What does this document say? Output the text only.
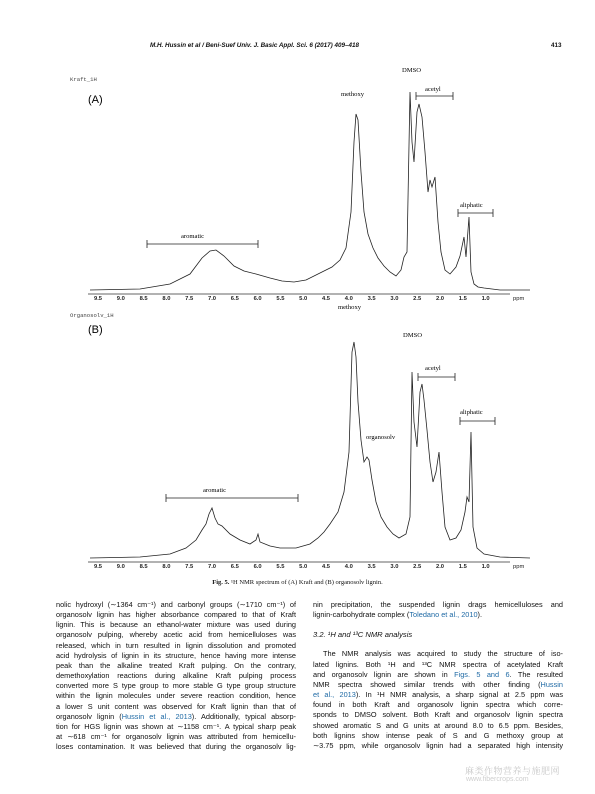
M.H. Hussin et al / Beni-Suef Univ. J. Basic Appl. Sci. 6 (2017) 409–418	413
Kraft_1H
(A)
DMSO
methoxy
acetyl
aliphatic
aromatic
9.5	9.0	8.5	8.0	7.5	7.0	6.5	6.0	5.5	5.0	4.5	4.0	3.5	3.0	2.5	2.0	1.5	1.0	ppm
Organosolv_1H
(B)
methoxy
DMSO
acetyl
aliphatic
organosolv
aromatic
9.5	9.0	8.5	8.0	7.5	7.0	6.5	6.0	5.5	5.0	4.5	4.0	3.5	3.0	2.5	2.0	1.5	1.0	ppm
Fig. 5. ¹H NMR spectrum of (A) Kraft and (B) organosolv lignin.
nolic hydroxyl (∼1364 cm⁻¹) and carbonyl groups (∼1710 cm⁻¹) of
organosolv lignin has higher absorbance compared to that of Kraft
lignin. This is because an ethanol-water mixture was used during
organosolv pulping, whereby acetic acid from hemicelluloses was
released, which in turn resulted in lignin dissolution and promoted
acid hydrolysis of lignin in its structure, hence having more intense
peak than the alkaline treated Kraft pulping. On the contrary,
demethoxylation reactions during alkaline Kraft pulping process
converted more S type group to more stable G type group structure
within the lignin molecules under severe reaction condition, hence
a lower S unit content was observed for Kraft lignin than that of
organosolv lignin (Hussin et al., 2013). Additionally, typical absorp-
tion for HGS lignin was shown at ∼1158 cm⁻¹. A typical sharp peak
at ∼618 cm⁻¹ for organosolv lignin was attributed from hemicellu-
loses contamination. It was believed that during the organosolv lig-
nin precipitation, the suspended lignin drags hemicelluloses and
lignin-carbohydrate complex (Toledano et al., 2010).
3.2. ¹H and ¹³C NMR analysis
The NMR analysis was acquired to study the structure of iso-
lated lignins. Both ¹H and ¹³C NMR spectra of acetylated Kraft
and organosolv lignin are shown in Figs. 5 and 6. The resulted
NMR spectra showed similar trends with other finding (Hussin
et al., 2013). In ¹H NMR analysis, a sharp signal at 2.5 ppm was
found in both Kraft and organosolv lignin spectra which corre-
sponds to DMSO solvent. Both Kraft and organosolv lignin spectra
showed aromatic S and G units at around 8.0 to 6.5 ppm. Besides,
both lignins show intense peak of S and G methoxy group at
∼3.75 ppm, while organosolv lignin had a separated high intensity
麻类作物营养与施肥网
www.fibercrops.com
